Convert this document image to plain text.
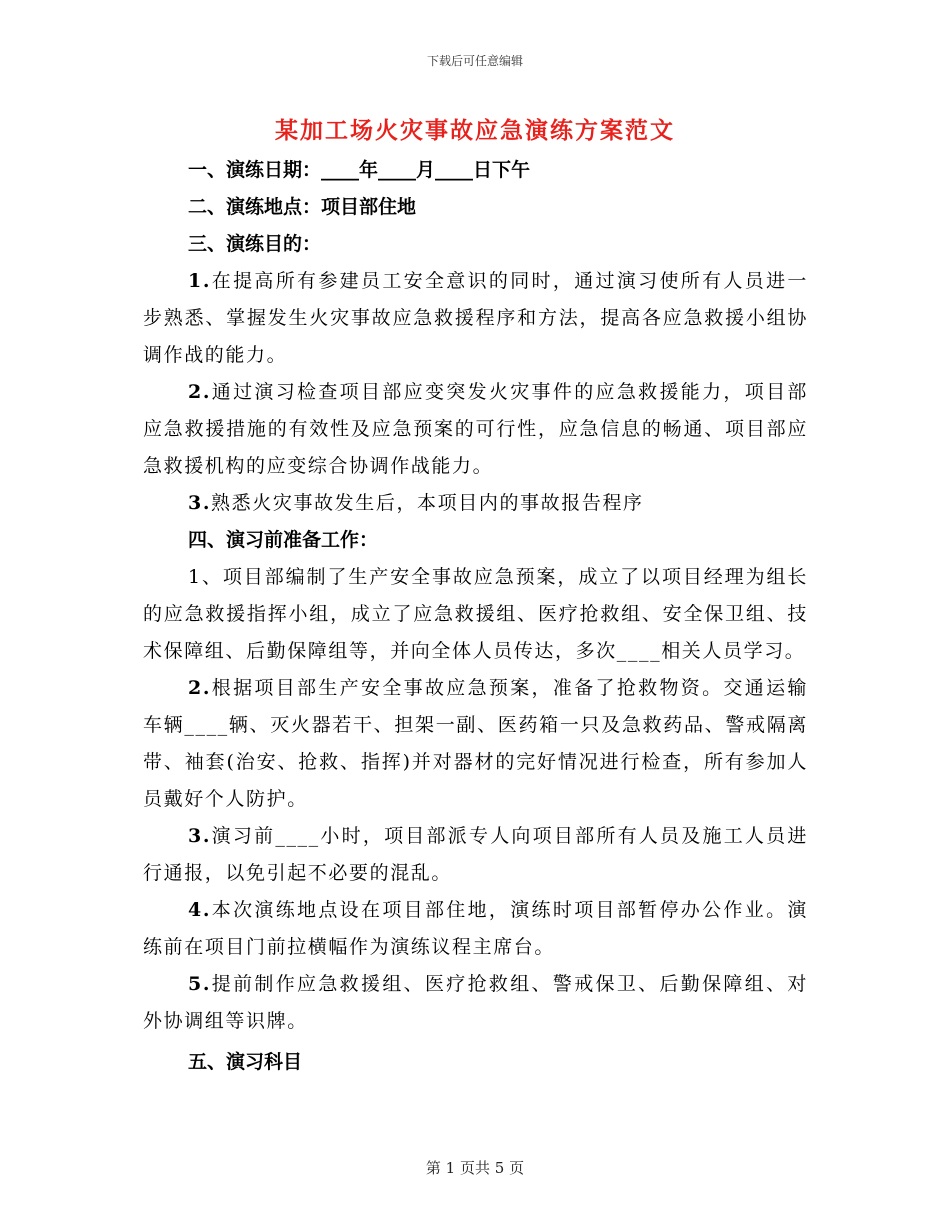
下载后可任意编辑
某加工场火灾事故应急演练方案范文

一、演练日期：____年____月____日下午

二、演练地点：项目部住地

三、演练目的：

1.在提高所有参建员工安全意识的同时，通过演习使所有人员进一步熟悉、掌握发生火灾事故应急救援程序和方法，提高各应急救援小组协调作战的能力。

2.通过演习检查项目部应变突发火灾事件的应急救援能力，项目部应急救援措施的有效性及应急预案的可行性，应急信息的畅通、项目部应急救援机构的应变综合协调作战能力。

3.熟悉火灾事故发生后，本项目内的事故报告程序

四、演习前准备工作：

1、项目部编制了生产安全事故应急预案，成立了以项目经理为组长的应急救援指挥小组，成立了应急救援组、医疗抢救组、安全保卫组、技术保障组、后勤保障组等，并向全体人员传达，多次____相关人员学习。

2.根据项目部生产安全事故应急预案，准备了抢救物资。交通运输车辆____辆、灭火器若干、担架一副、医药箱一只及急救药品、警戒隔离带、袖套(治安、抢救、指挥)并对器材的完好情况进行检查，所有参加人员戴好个人防护。

3.演习前____小时，项目部派专人向项目部所有人员及施工人员进行通报，以免引起不必要的混乱。

4.本次演练地点设在项目部住地，演练时项目部暂停办公作业。演练前在项目门前拉横幅作为演练议程主席台。

5.提前制作应急救援组、医疗抢救组、警戒保卫、后勤保障组、对外协调组等识牌。

五、演习科目

第 1 页共 5 页
